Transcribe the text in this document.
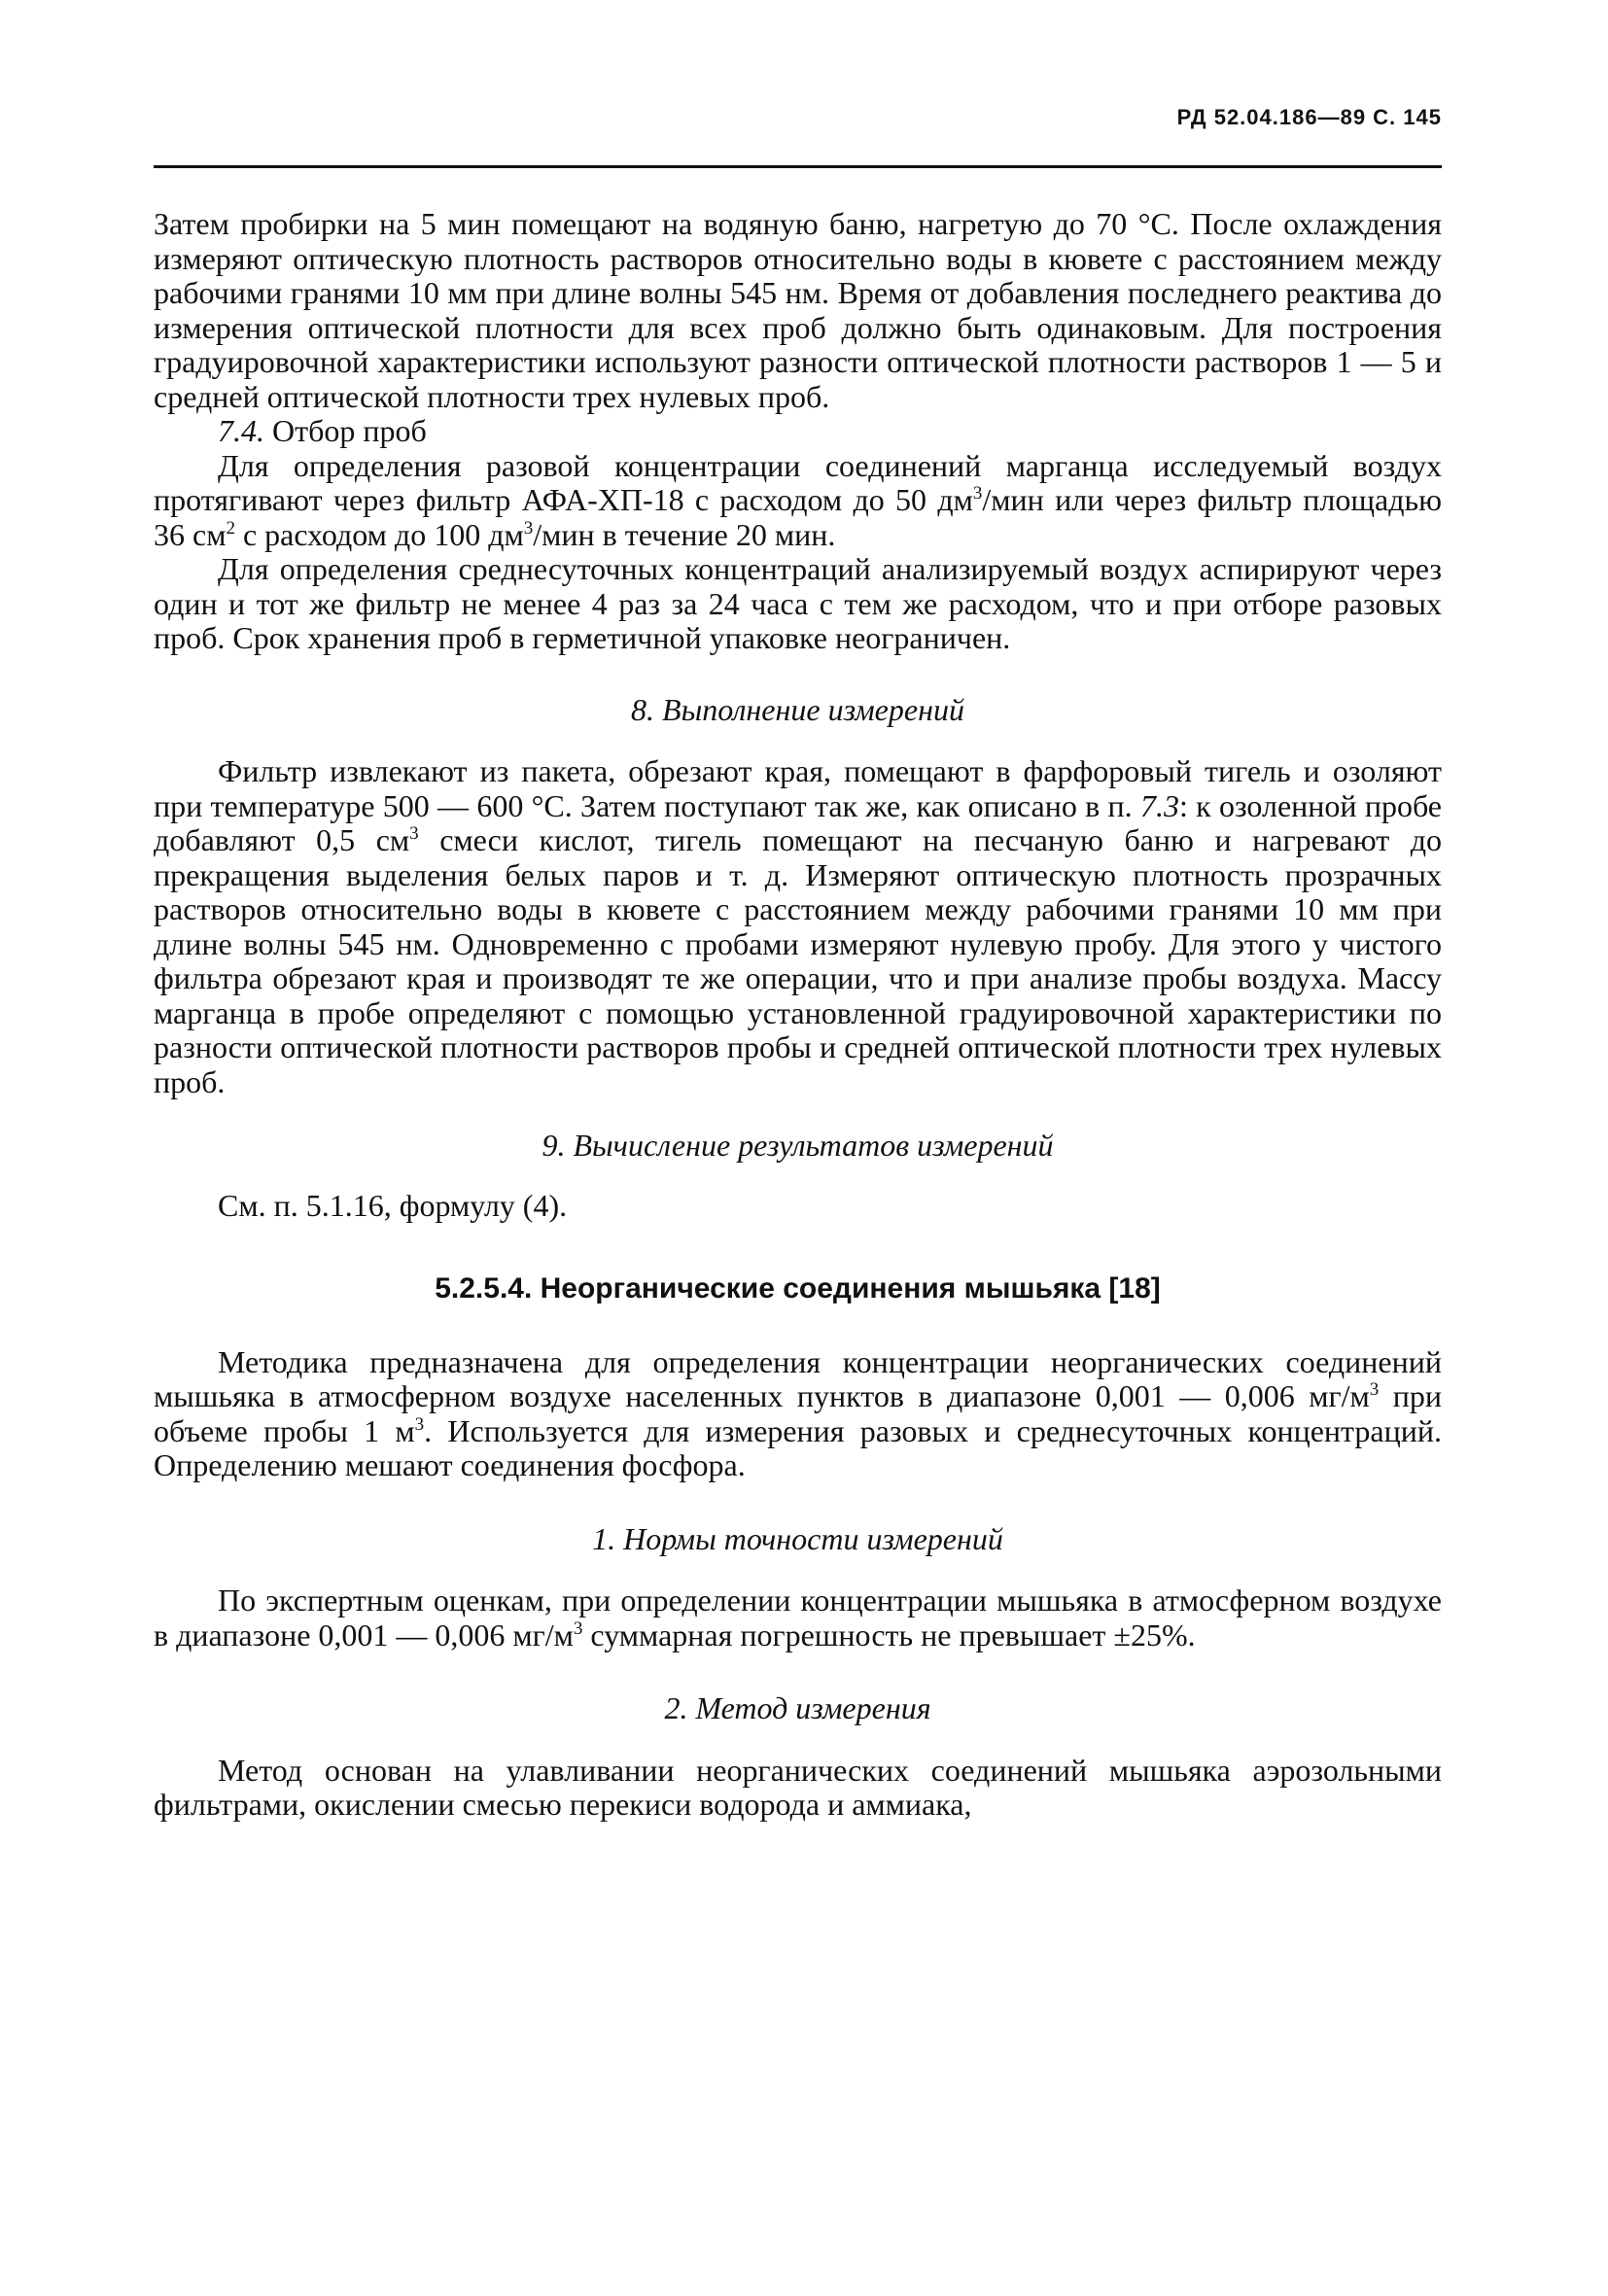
РД 52.04.186—89 С. 145

Затем пробирки на 5 мин помещают на водяную баню, нагретую до 70 °С. После охлаждения измеряют оптическую плотность растворов относительно воды в кювете с расстоянием между рабочими гранями 10 мм при длине волны 545 нм. Время от добавления последнего реактива до измерения оптической плотности для всех проб должно быть одинаковым. Для построения градуировочной характеристики используют разности оптической плотности растворов 1 — 5 и средней оптической плотности трех нулевых проб.

7.4. Отбор проб

Для определения разовой концентрации соединений марганца исследуемый воздух протягивают через фильтр АФА-ХП-18 с расходом до 50 $дм^3$/мин или через фильтр площадью 36 $см^2$ с расходом до 100 $дм^3$/мин в течение 20 мин.

Для определения среднесуточных концентраций анализируемый воздух аспирируют через один и тот же фильтр не менее 4 раз за 24 часа с тем же расходом, что и при отборе разовых проб. Срок хранения проб в герметичной упаковке неограничен.

8. Выполнение измерений

Фильтр извлекают из пакета, обрезают края, помещают в фарфоровый тигель и озоляют при температуре 500 — 600 °С. Затем поступают так же, как описано в п. 7.3: к озоленной пробе добавляют 0,5 $см^3$ смеси кислот, тигель помещают на песчаную баню и нагревают до прекращения выделения белых паров и т. д. Измеряют оптическую плотность прозрачных растворов относительно воды в кювете с расстоянием между рабочими гранями 10 мм при длине волны 545 нм. Одновременно с пробами измеряют нулевую пробу. Для этого у чистого фильтра обрезают края и производят те же операции, что и при анализе пробы воздуха. Массу марганца в пробе определяют с помощью установленной градуировочной характеристики по разности оптической плотности растворов пробы и средней оптической плотности трех нулевых проб.

9. Вычисление результатов измерений

См. п. 5.1.16, формулу (4).

5.2.5.4. Неорганические соединения мышьяка [18]

Методика предназначена для определения концентрации неорганических соединений мышьяка в атмосферном воздухе населенных пунктов в диапазоне 0,001 — 0,006 $мг/м^3$ при объеме пробы 1 $м^3$. Используется для измерения разовых и среднесуточных концентраций. Определению мешают соединения фосфора.

1. Нормы точности измерений

По экспертным оценкам, при определении концентрации мышьяка в атмосферном воздухе в диапазоне 0,001 — 0,006 $мг/м^3$ суммарная погрешность не превышает ±25%.

2. Метод измерения

Метод основан на улавливании неорганических соединений мышьяка аэрозольными фильтрами, окислении смесью перекиси водорода и аммиака,
